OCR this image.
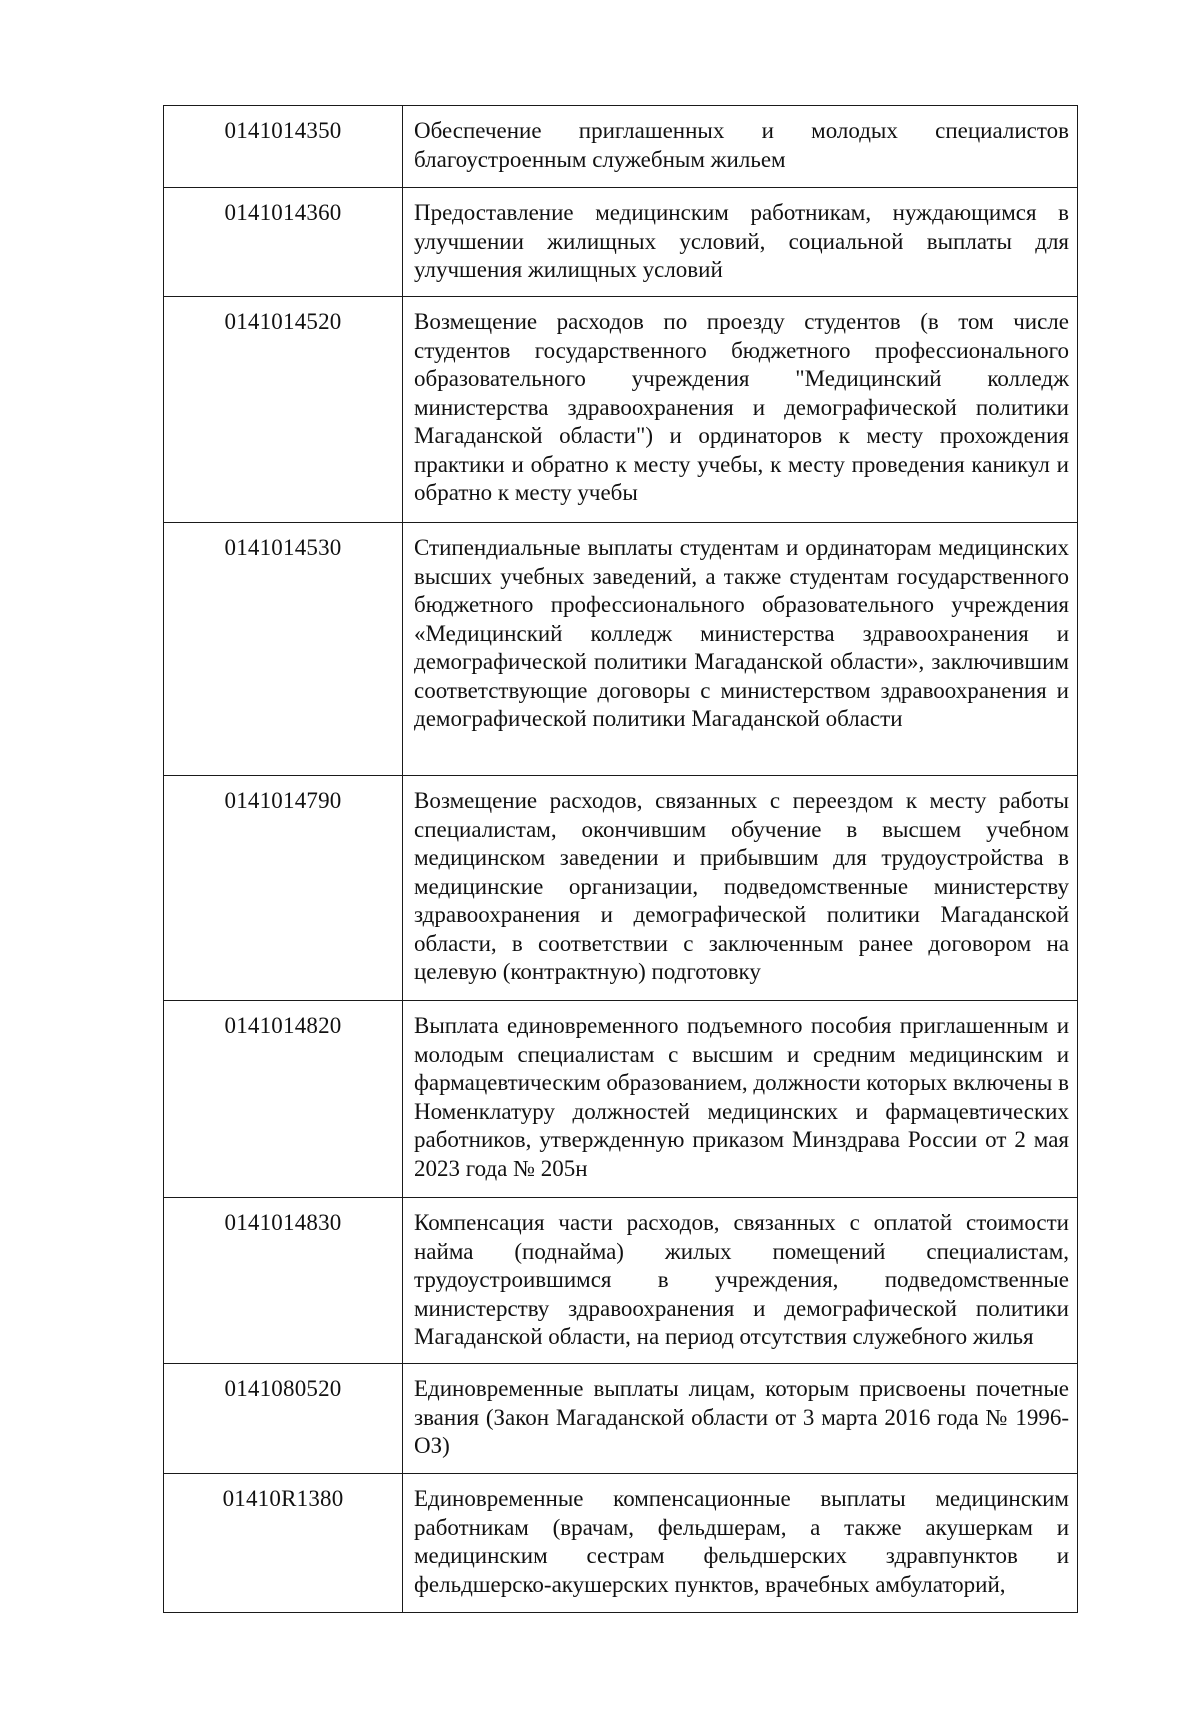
0141014350	Обеспечение приглашенных и молодых специалистов благоустроенным служебным жильем
0141014360	Предоставление медицинским работникам, нуждающимся в улучшении жилищных условий, социальной выплаты для улучшения жилищных условий
0141014520	Возмещение расходов по проезду студентов (в том числе студентов государственного бюджетного профессионального образовательного учреждения "Медицинский колледж министерства здравоохранения и демографической политики Магаданской области") и ординаторов к месту прохождения практики и обратно к месту учебы, к месту проведения каникул и обратно к месту учебы
0141014530	Стипендиальные выплаты студентам и ординаторам медицинских высших учебных заведений, а также студентам государственного бюджетного профессионального образовательного учреждения «Медицинский колледж министерства здравоохранения и демографической политики Магаданской области», заключившим соответствующие договоры с министерством здравоохранения и демографической политики Магаданской области
0141014790	Возмещение расходов, связанных с переездом к месту работы специалистам, окончившим обучение в высшем учебном медицинском заведении и прибывшим для трудоустройства в медицинские организации, подведомственные министерству здравоохранения и демографической политики Магаданской области, в соответствии с заключенным ранее договором на целевую (контрактную) подготовку
0141014820	Выплата единовременного подъемного пособия приглашенным и молодым специалистам с высшим и средним медицинским и фармацевтическим образованием, должности которых включены в Номенклатуру должностей медицинских и фармацевтических работников, утвержденную приказом Минздрава России от 2 мая 2023 года № 205н
0141014830	Компенсация части расходов, связанных с оплатой стоимости найма (поднайма) жилых помещений специалистам, трудоустроившимся в учреждения, подведомственные министерству здравоохранения и демографической политики Магаданской области, на период отсутствия служебного жилья
0141080520	Единовременные выплаты лицам, которым присвоены почетные звания (Закон Магаданской области от 3 марта 2016 года № 1996-ОЗ)
01410R1380	Единовременные компенсационные выплаты медицинским работникам (врачам, фельдшерам, а также акушеркам и медицинским сестрам фельдшерских здравпунктов и фельдшерско-акушерских пунктов, врачебных амбулаторий,
